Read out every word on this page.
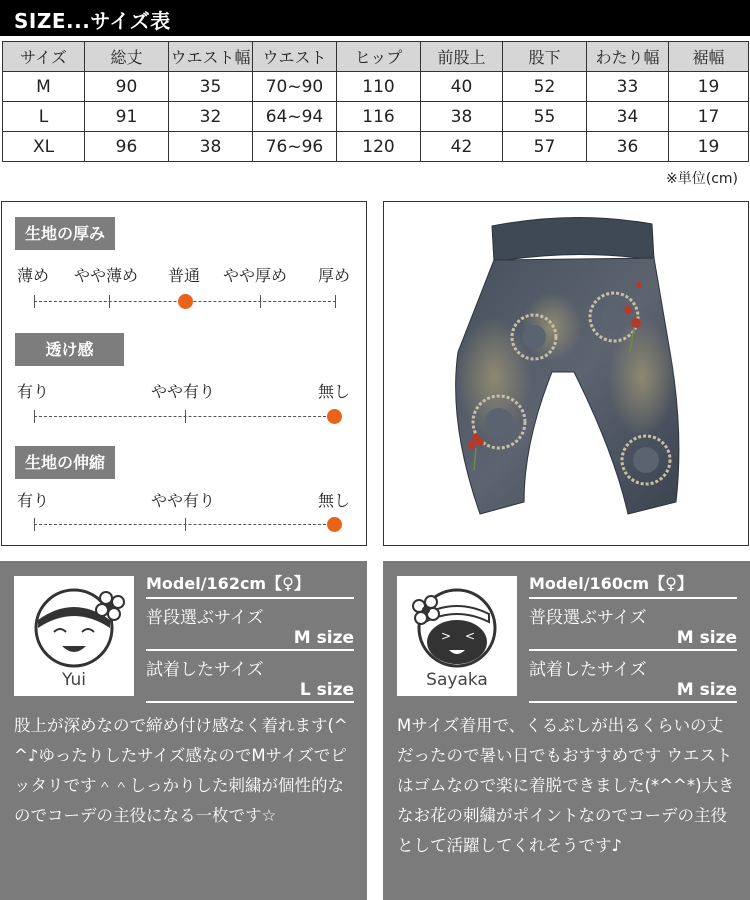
SIZE...サイズ表
サイズ	総丈	ウエスト幅	ウエスト	ヒップ	前股上	股下	わたり幅	裾幅
M	90	35	70~90	110	40	52	33	19
L	91	32	64~94	116	38	55	34	17
XL	96	38	76~96	120	42	57	36	19
※単位(cm)
生地の厚み
薄め やや薄め 普通 やや厚め 厚め
透け感
有り	やや有り	無し
生地の伸縮
有り	やや有り	無し
Yui
Model/162cm【♀】
普段選ぶサイズ
M size
試着したサイズ
L size
股上が深めなので締め付け感なく着れます(^^♪ゆったりしたサイズ感なのでMサイズでピッタリです＾＾しっかりした刺繍が個性的なのでコーデの主役になる一枚です☆
> <
Sayaka
Model/160cm【♀】
普段選ぶサイズ
M size
試着したサイズ
M size
Mサイズ着用で、くるぶしが出るくらいの丈だったので暑い日でもおすすめです ウエストはゴムなので楽に着脱できました(*^^*)大きなお花の刺繍がポイントなのでコーデの主役として活躍してくれそうです♪
